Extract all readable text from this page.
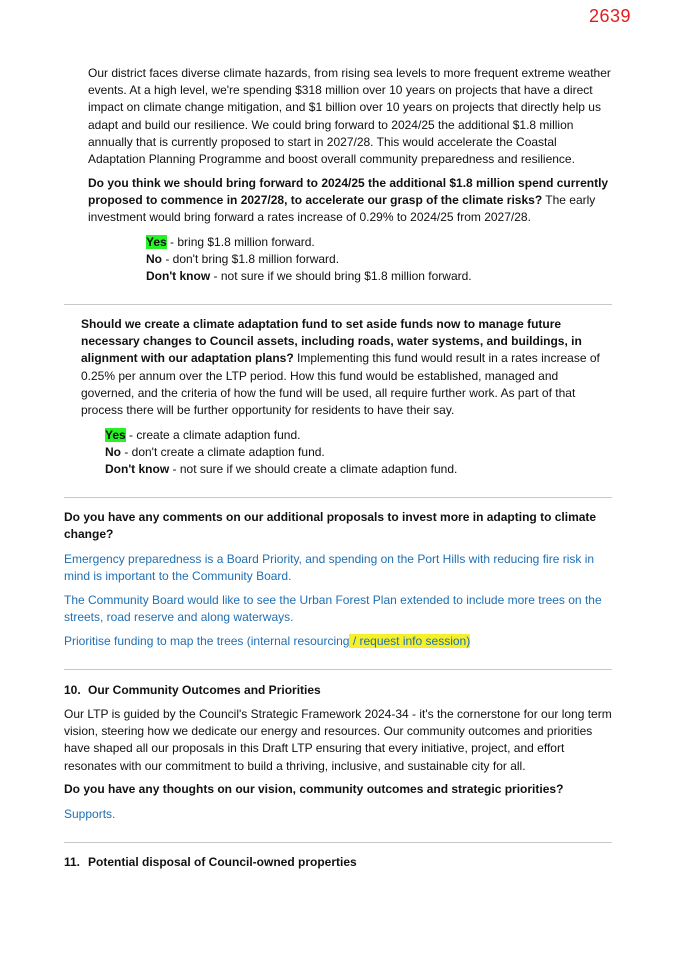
2639

Our district faces diverse climate hazards, from rising sea levels to more frequent extreme weather events. At a high level, we're spending $318 million over 10 years on projects that have a direct impact on climate change mitigation, and $1 billion over 10 years on projects that directly help us adapt and build our resilience. We could bring forward to 2024/25 the additional $1.8 million annually that is currently proposed to start in 2027/28. This would accelerate the Coastal Adaptation Planning Programme and boost overall community preparedness and resilience.

Do you think we should bring forward to 2024/25 the additional $1.8 million spend currently proposed to commence in 2027/28, to accelerate our grasp of the climate risks? The early investment would bring forward a rates increase of 0.29% to 2024/25 from 2027/28.

Yes - bring $1.8 million forward.
No - don't bring $1.8 million forward.
Don't know - not sure if we should bring $1.8 million forward.

Should we create a climate adaptation fund to set aside funds now to manage future necessary changes to Council assets, including roads, water systems, and buildings, in alignment with our adaptation plans? Implementing this fund would result in a rates increase of 0.25% per annum over the LTP period. How this fund would be established, managed and governed, and the criteria of how the fund will be used, all require further work. As part of that process there will be further opportunity for residents to have their say.

Yes - create a climate adaption fund.
No - don't create a climate adaption fund.
Don't know - not sure if we should create a climate adaption fund.

Do you have any comments on our additional proposals to invest more in adapting to climate change?

Emergency preparedness is a Board Priority, and spending on the Port Hills with reducing fire risk in mind is important to the Community Board.

The Community Board would like to see the Urban Forest Plan extended to include more trees on the streets, road reserve and along waterways.

Prioritise funding to map the trees (internal resourcing / request info session)

10. Our Community Outcomes and Priorities

Our LTP is guided by the Council's Strategic Framework 2024-34 - it's the cornerstone for our long term vision, steering how we dedicate our energy and resources. Our community outcomes and priorities have shaped all our proposals in this Draft LTP ensuring that every initiative, project, and effort resonates with our commitment to build a thriving, inclusive, and sustainable city for all.

Do you have any thoughts on our vision, community outcomes and strategic priorities?

Supports.

11. Potential disposal of Council-owned properties
